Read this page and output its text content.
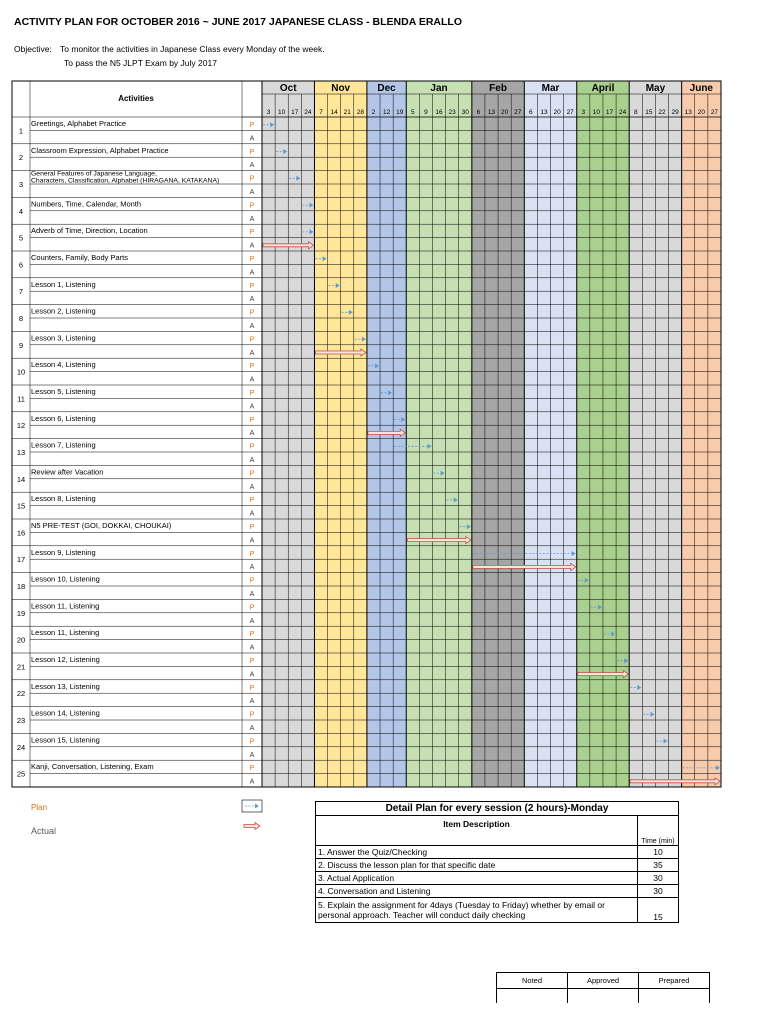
ACTIVITY PLAN FOR OCTOBER 2016 ~ JUNE 2017 JAPANESE CLASS - BLENDA ERALLO
Objective: To monitor the activities in Japanese Class every Monday of the week.
To pass the N5 JLPT Exam by July 2017
Oct
3 10 17 24
Nov
7 14 21 28
Dec
2 12 19
Jan
5 9 16 23 30
Feb
6 13 20 27
Mar
6 13 20 27
April
3 10 17 24
May
8 15 22 29
June
13 20 27
1
Greetings, Alphabet Practice	P
A
2
Classroom Expression, Alphabet Practice	P
A
3
General Features of Japanese Language,
Characters, Classification, Alphabet (HIRAGANA, KATAKANA)	P
A
4
Numbers, Time, Calendar, Month	P
A
5
Adverb of Time, Direction, Location	P
A
6
Counters, Family, Body Parts	P
A
7
Lesson 1, Listening	P
A
8
Lesson 2, Listening	P
A
9
Lesson 3, Listening	P
A
10
Lesson 4, Listening	P
A
11
Lesson 5, Listening	P
A
12
Lesson 6, Listening	P
A
13
Lesson 7, Listening	P
A
14
Review after Vacation	P
A
15
Lesson 8, Listening	P
A
16
N5 PRE-TEST (GOI, DOKKAI, CHOUKAI)	P
A
17
Lesson 9, Listening	P
A
18
Lesson 10, Listening	P
A
19
Lesson 11, Listening	P
A
20
Lesson 11, Listening	P
A
21
Lesson 12, Listening	P
A
22
Lesson 13, Listening	P
A
23
Lesson 14, Listening	P
A
24
Lesson 15, Listening	P
A
25
Kanji, Conversation, Listening, Exam	P
A
Activities
Plan
Actual
Detail Plan for every session (2 hours)-Monday	
Item Description	Time (min)
1. Answer the Quiz/Checking	10
2. Discuss the lesson plan for that specific date	35
3. Actual Application	30
4. Conversation and Listening	30

5. Explain the assignment for 4days (Tuesday to Friday) whether by email or
personal approach. Teacher will conduct daily checking	15
Noted	Approved	Prepared
